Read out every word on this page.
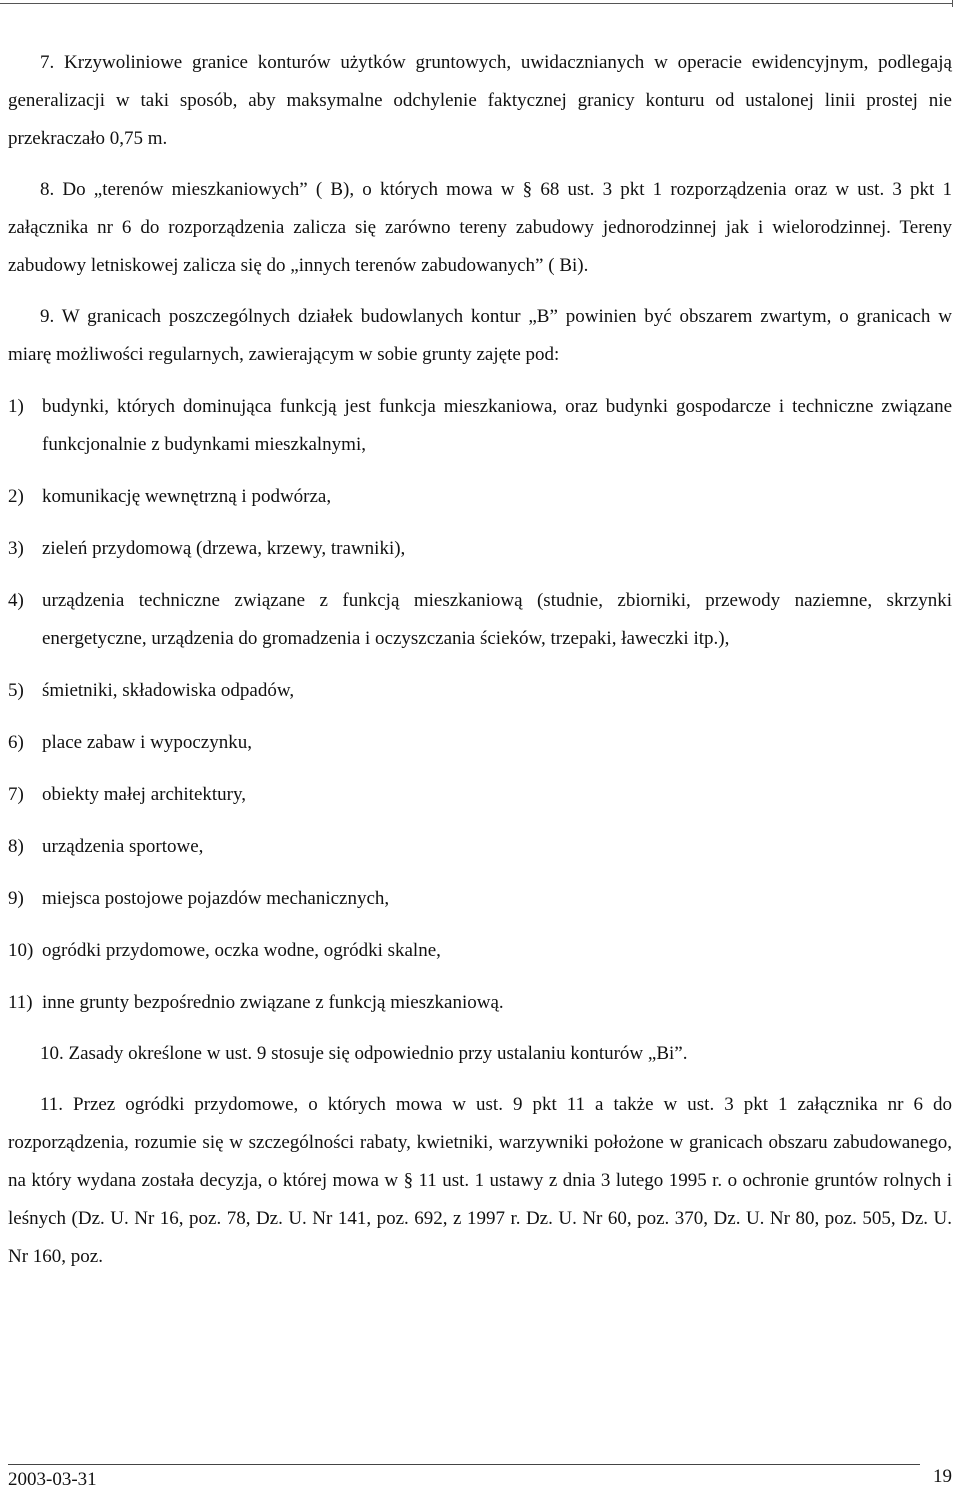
7. Krzywoliniowe granice konturów użytków gruntowych, uwidacznianych w operacie ewidencyjnym, podlegają generalizacji w taki sposób, aby maksymalne odchylenie faktycznej granicy konturu od ustalonej linii prostej nie przekraczało 0,75 m.

8. Do „terenów mieszkaniowych” ( B), o których mowa w § 68 ust. 3 pkt 1 rozporządzenia oraz w ust. 3 pkt 1 załącznika nr 6 do rozporządzenia zalicza się zarówno tereny zabudowy jednorodzinnej jak i wielorodzinnej. Tereny zabudowy letniskowej zalicza się do „innych terenów zabudowanych” ( Bi).

9. W granicach poszczególnych działek budowlanych kontur „B” powinien być obszarem zwartym, o granicach w miarę możliwości regularnych, zawierającym w sobie grunty zajęte pod:

1) budynki, których dominująca funkcją jest funkcja mieszkaniowa, oraz budynki gospodarcze i techniczne związane funkcjonalnie z budynkami mieszkalnymi,
2) komunikację wewnętrzną i podwórza,
3) zieleń przydomową (drzewa, krzewy, trawniki),
4) urządzenia techniczne związane z funkcją mieszkaniową (studnie, zbiorniki, przewody naziemne, skrzynki energetyczne, urządzenia do gromadzenia i oczyszczania ścieków, trzepaki, ławeczki itp.),
5) śmietniki, składowiska odpadów,
6) place zabaw i wypoczynku,
7) obiekty małej architektury,
8) urządzenia sportowe,
9) miejsca postojowe pojazdów mechanicznych,
10) ogródki przydomowe, oczka wodne, ogródki skalne,
11) inne grunty bezpośrednio związane z funkcją mieszkaniową.

10. Zasady określone w ust. 9 stosuje się odpowiednio przy ustalaniu konturów „Bi”.

11. Przez ogródki przydomowe, o których mowa w ust. 9 pkt 11 a także w ust. 3 pkt 1 załącznika nr 6 do rozporządzenia, rozumie się w szczególności rabaty, kwietniki, warzywniki położone w granicach obszaru zabudowanego, na który wydana została decyzja, o której mowa w § 11 ust. 1 ustawy z dnia 3 lutego 1995 r. o ochronie gruntów rolnych i leśnych (Dz. U. Nr 16, poz. 78, Dz. U. Nr 141, poz. 692, z 1997 r. Dz. U. Nr 60, poz. 370, Dz. U. Nr 80, poz. 505, Dz. U. Nr 160, poz.

2003-03-31	19
